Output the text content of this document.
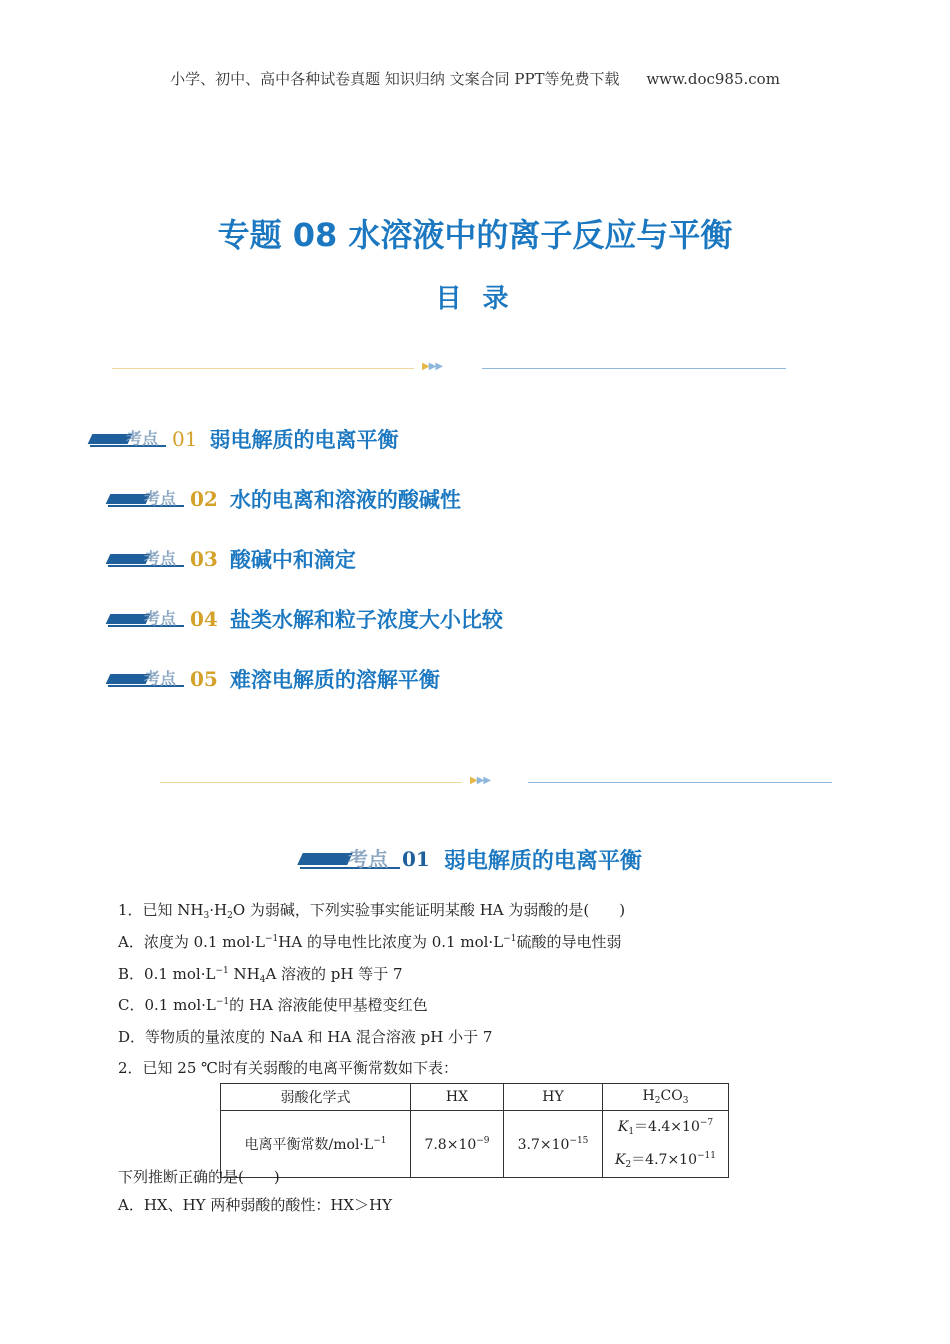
小学、初中、高中各种试卷真题 知识归纳 文案合同 PPT等免费下载 www.doc985.com
专题 08 水溶液中的离子反应与平衡
目 录
▶▶▶
考点 01 弱电解质的电离平衡
考点 02 水的电离和溶液的酸碱性
考点 03 酸碱中和滴定
考点 04 盐类水解和粒子浓度大小比较
考点 05 难溶电解质的溶解平衡
▶▶▶
考点 01 弱电解质的电离平衡
1．已知 $NH_3\cdot H_2O$ 为弱碱，下列实验事实能证明某酸 HA 为弱酸的是(　　)
A．浓度为 0.1 $mol\cdot L^{-1}HA$ 的导电性比浓度为 0.1 $mol\cdot L^{-1}$硫酸的导电性弱
B．0.1 $mol\cdot L^{-1}$ $NH_4A$ 溶液的 pH 等于 7
C．0.1 $mol\cdot L^{-1}$的 HA 溶液能使甲基橙变红色
D．等物质的量浓度的 NaA 和 HA 混合溶液 pH 小于 7
2．已知 25 ℃时有关弱酸的电离平衡常数如下表：
弱酸化学式	HX	HY	$H_2CO_3$
电离平衡常数$/mol\cdot L^{-1}$	$7.8\times 10^{-9}$	$3.7\times 10^{-15}$	$K_1=4.4\times 10^{-7}$
$K_2=4.7\times 10^{-11}$
下列推断正确的是(　　)
A．HX、HY 两种弱酸的酸性：HX＞HY
